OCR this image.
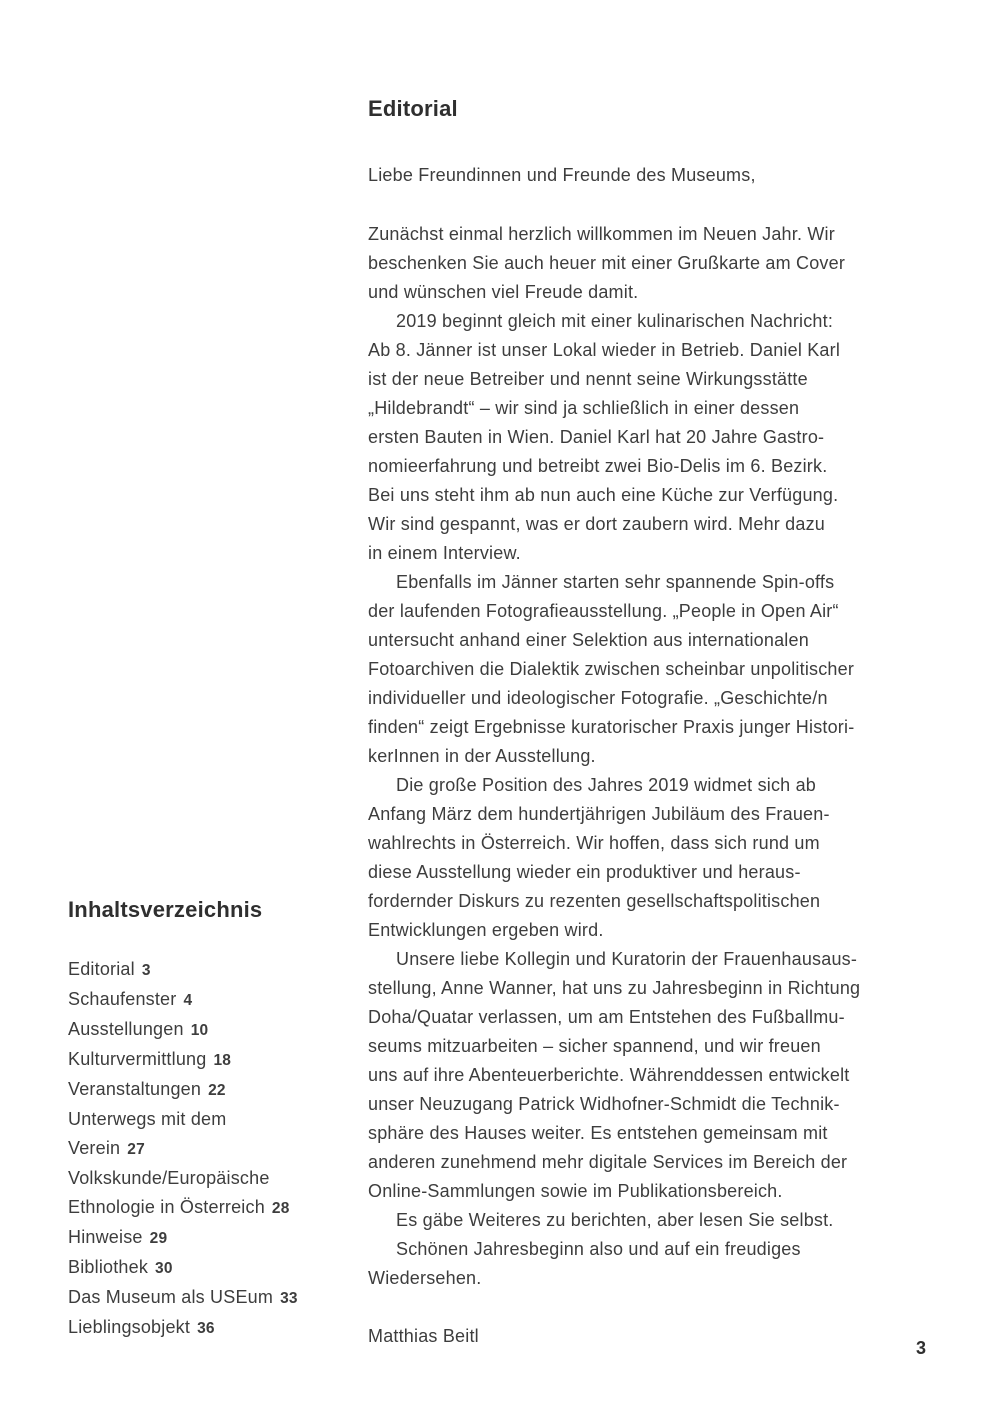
Inhaltsverzeichnis
Editorial 3
Schaufenster 4
Ausstellungen 10
Kulturvermittlung 18
Veranstaltungen 22
Unterwegs mit dem
Verein 27
Volkskunde/Europäische
Ethnologie in Österreich 28
Hinweise 29
Bibliothek 30
Das Museum als USEum 33
Lieblingsobjekt 36
Editorial
Liebe Freundinnen und Freunde des Museums,
Zunächst einmal herzlich willkommen im Neuen Jahr. Wir
beschenken Sie auch heuer mit einer Grußkarte am Cover
und wünschen viel Freude damit.
2019 beginnt gleich mit einer kulinarischen Nachricht:
Ab 8. Jänner ist unser Lokal wieder in Betrieb. Daniel Karl
ist der neue Betreiber und nennt seine Wirkungsstätte
„Hildebrandt“ – wir sind ja schließlich in einer dessen
ersten Bauten in Wien. Daniel Karl hat 20 Jahre Gastro-
nomieerfahrung und betreibt zwei Bio-Delis im 6. Bezirk.
Bei uns steht ihm ab nun auch eine Küche zur Verfügung.
Wir sind gespannt, was er dort zaubern wird. Mehr dazu
in einem Interview.
Ebenfalls im Jänner starten sehr spannende Spin-offs
der laufenden Fotografieausstellung. „People in Open Air“
untersucht anhand einer Selektion aus internationalen
Fotoarchiven die Dialektik zwischen scheinbar unpolitischer
individueller und ideologischer Fotografie. „Geschichte/n
finden“ zeigt Ergebnisse kuratorischer Praxis junger Histori-
kerInnen in der Ausstellung.
Die große Position des Jahres 2019 widmet sich ab
Anfang März dem hundertjährigen Jubiläum des Frauen-
wahlrechts in Österreich. Wir hoffen, dass sich rund um
diese Ausstellung wieder ein produktiver und heraus-
fordernder Diskurs zu rezenten gesellschaftspolitischen
Entwicklungen ergeben wird.
Unsere liebe Kollegin und Kuratorin der Frauenhausaus-
stellung, Anne Wanner, hat uns zu Jahresbeginn in Richtung
Doha/Quatar verlassen, um am Entstehen des Fußballmu-
seums mitzuarbeiten – sicher spannend, und wir freuen
uns auf ihre Abenteuerberichte. Währenddessen entwickelt
unser Neuzugang Patrick Widhofner-Schmidt die Technik-
sphäre des Hauses weiter. Es entstehen gemeinsam mit
anderen zunehmend mehr digitale Services im Bereich der
Online-Sammlungen sowie im Publikationsbereich.
Es gäbe Weiteres zu berichten, aber lesen Sie selbst.
Schönen Jahresbeginn also und auf ein freudiges
Wiedersehen.
Matthias Beitl
3
